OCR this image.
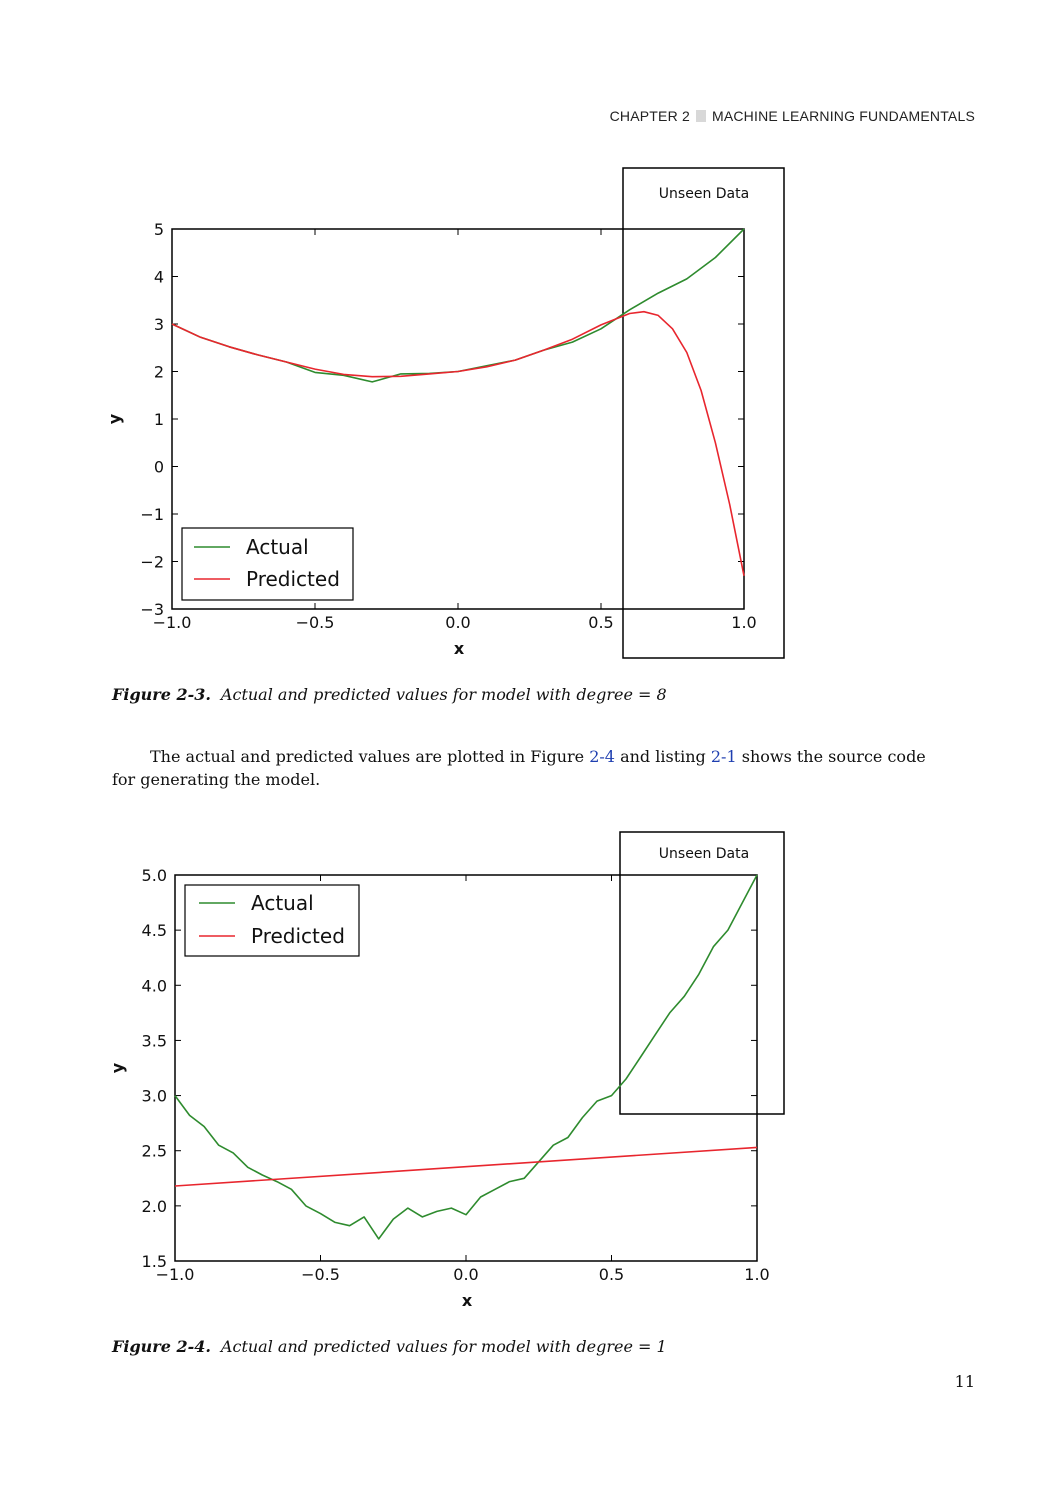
CHAPTER 2 MACHINE LEARNING FUNDAMENTALS
Unseen Data
−1.0	−0.5	0.0	0.5	1.0
−3
−2
−1
0
1
2
3
4
5
x
y
Actual
Predicted
Figure 2-3. Actual and predicted values for model with degree = 8
The actual and predicted values are plotted in Figure 2-4 and listing 2-1 shows the source code for generating the model.
Unseen Data
−1.0	−0.5	0.0	0.5	1.0
1.5
2.0
2.5
3.0
3.5
4.0
4.5
5.0
x
y
Actual
Predicted
Figure 2-4. Actual and predicted values for model with degree = 1
11
